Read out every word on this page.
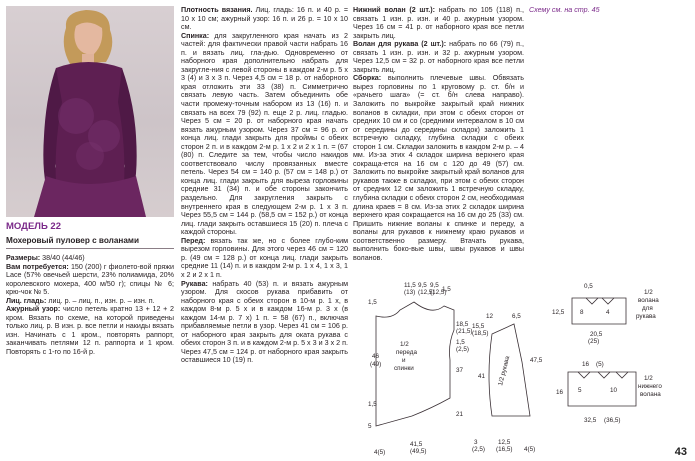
МОДЕЛЬ 22
Мохеровый пуловер с воланами

Размеры: 38/40 (44/46)

Вам потребуется: 150 (200) г фиолето-вой пряжи Lace (57% овечьей шерсти, 23% полиамида, 20% королевского мохера, 400 м/50 г); спицы № 6; крю-чок № 5.

Лиц. гладь: лиц. р. – лиц. п., изн. р. – изн. п.

Ажурный узор: число петель кратно 13 + 12 + 2 кром. Вязать по схеме, на которой приведены только лиц. р. В изн. р. все петли и накиды вязать изн. Начинать с 1 кром., повторять раппорт, заканчивать петлями 12 п. раппорта и 1 кром. Повторять с 1-го по 16-й р.

Плотность вязания. Лиц. гладь: 16 п. и 40 р. = 10 х 10 см; ажурный узор: 16 п. и 26 р. = 10 х 10 см.

Спинка: для закругленного края начать из 2 частей: для фактически правой части набрать 16 п. и вязать лиц. гла-дью. Одновременно от наборного края дополнительно набрать для закругле-ния с левой стороны в каждом 2-м р. 5 х 3 (4) и 3 х 3 п. Через 4,5 см = 18 р. от наборного края отложить эти 33 (38) п. Симметрично связать левую часть. Затем объединить обе части промежу-точным набором из 13 (16) п. и связать на всех 79 (92) п. еще 2 р. лиц. гладью. Через 5 см = 20 р. от наборного края начать вязать ажурным узором. Через 37 см = 96 р. от конца лиц. глади закрыть для проймы с обеих сторон 2 п. и в каждом 2-м р. 1 х 2 и 2 х 1 п. = (67 (80) п. Следите за тем, чтобы число накидов соответствовало числу провязанных вместе петель. Через 54 см = 140 р. (57 см = 148 р.) от конца лиц. глади закрыть для выреза горловины средние 31 (34) п. и обе стороны закончить раздельно. Для закругления закрыть с внутреннего края в следующем 2-м р. 1 х 3 п. Через 55,5 см = 144 р. (58,5 см = 152 р.) от конца лиц. глади закрыть оставшиеся 15 (20) п. плеча с каждой стороны.

Перед: вязать так же, но с более глубо-ким вырезом горловины. Для этого через 46 см = 120 р. (49 см = 128 р.) от конца лиц. глади закрыть средние 11 (14) п. и в каждом 2-м р. 1 х 4, 1 х 3, 1 х 2 и 2 х 1 п.

Рукава: набрать 40 (53) п. и вязать ажурным узором. Для скосов рукава прибавить от наборного края с обеих сторон в 10-м р. 1 х, в каждом 8-м р. 5 х и в каждом 16-м р. 3 х (в каждом 14-м р. 7 х) 1 п. = 58 (67) п., включая прибавляемые петли в узор. Через 41 см = 106 р. от наборного края закрыть для оката рукава с обеих сторон 3 п. и в каждом 2-м р. 5 х 3 и 3 х 2 п. Через 47,5 см = 124 р. от наборного края закрыть оставшиеся 10 (19) п.

Нижний волан (2 шт.): набрать по 105 (118) п., связать 1 изн. р. изн. и 40 р. ажурным узором. Через 16 см = 41 р. от наборного края все петли закрыть лиц.

Волан для рукава (2 шт.): набрать по 66 (79) п., связать 1 изн. р. изн. и 32 р. ажурным узором. Через 12,5 см = 32 р. от наборного края все петли закрыть лиц.

Сборка: выполнить плечевые швы. Обвязать вырез горловины по 1 круговому р. ст. б/н и «рачьего шага» (= ст. б/н слева направо). Заложить по выкройке закрытый край нижних воланов в складки, при этом с обеих сторон от средних 10 см и со (средними интервалом в 10 см от середины до середины складок) заложить 1 встречную складку, глубина складки с обеих сторон 1 см. Складки заложить в каждом 2-м р. – 4 мм. Из-за этих 4 складок ширина верхнего края сокраща-ется на 16 см с 120 до 49 (57) см. Заложить по выкройке закрытый край воланов для рукавов также в складки, при этом с обеих сторон от средних 12 см заложить 1 встречную складку, глубина складки с обеих сторон 2 см, необходимая длина краев = 8 см. Из-за этих 2 складок ширина верхнего края сокращается на 16 см до 25 (33) см. Пришить нижние воланы к спинке и переду, а воланы для рукавов к нижнему краю рукавов и соответственно размеру. Втачать рукава, выполнить боко-вые швы, швы рукавов и швы воланов.

Схему см. на стр. 45

11,5
(13)
9,5
(12,5)
9,5
(12,5)
1,5
1,5
46
(49)
1,5
5
1/2
переда
и
спинки
18,5
(21,5)
1,5
(2,5)
37
4(5)
41,5
(49,5)
21
12	6,5
1/2 рукава	47,5
41
15,5
(18,5)
3
(2,5)
12,5
(16,5) 4(5)
1/2
волана
для
рукава
0,5
8	4
12,5
20,5
(25)
1/2
нижнего
волана
16
16 (5)
5	10
32,5 (36,5)
43
